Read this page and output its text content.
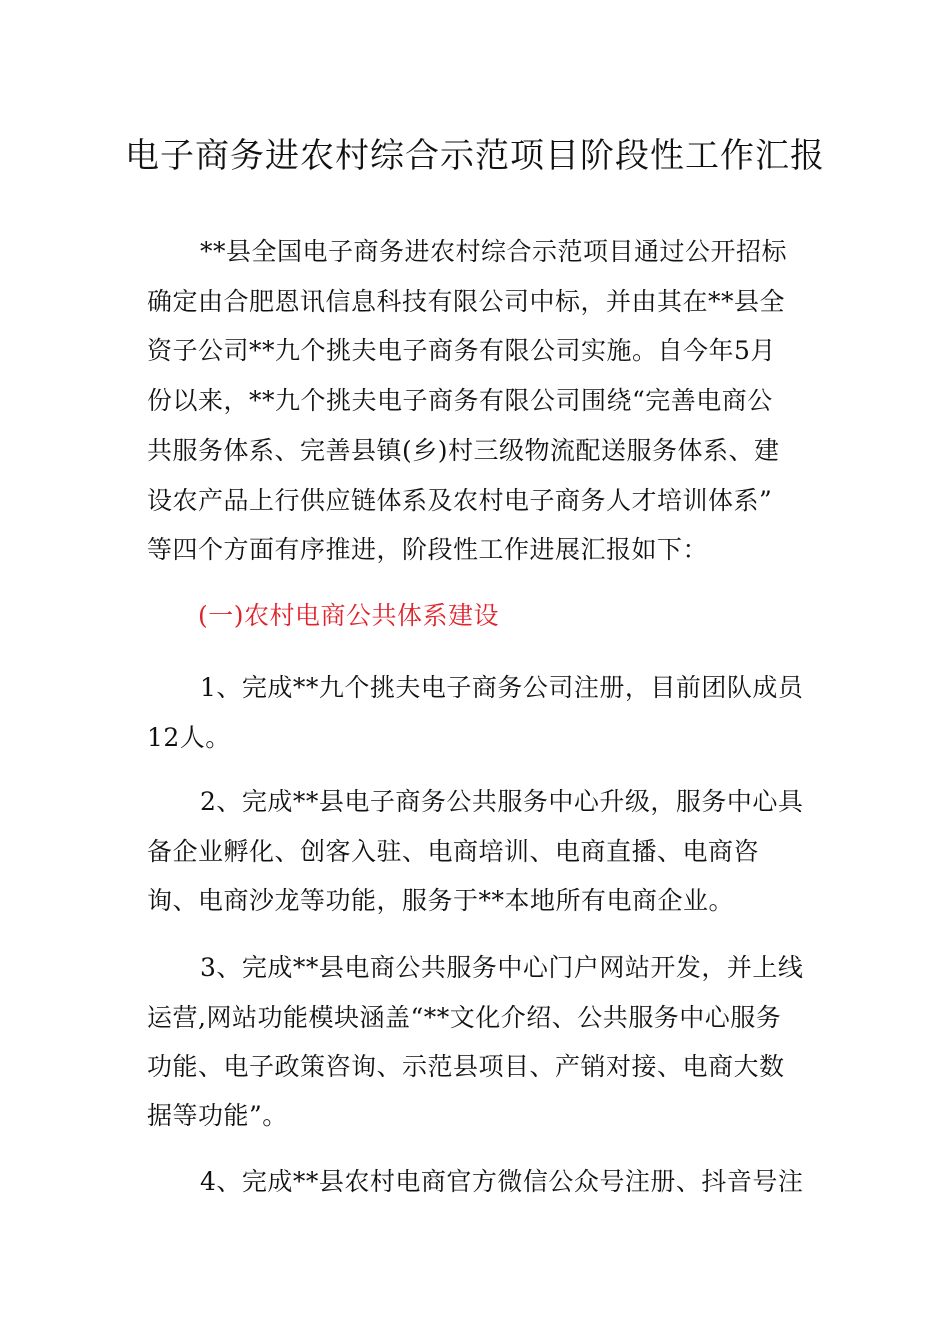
电子商务进农村综合示范项目阶段性工作汇报
**县全国电子商务进农村综合示范项目通过公开招标
确定由合肥恩讯信息科技有限公司中标，并由其在**县全
资子公司**九个挑夫电子商务有限公司实施。自今年5月
份以来，**九个挑夫电子商务有限公司围绕“完善电商公
共服务体系、完善县镇(乡)村三级物流配送服务体系、建
设农产品上行供应链体系及农村电子商务人才培训体系”
等四个方面有序推进，阶段性工作进展汇报如下：
(一)农村电商公共体系建设
1、完成**九个挑夫电子商务公司注册，目前团队成员
12人。
2、完成**县电子商务公共服务中心升级，服务中心具
备企业孵化、创客入驻、电商培训、电商直播、电商咨
询、电商沙龙等功能，服务于**本地所有电商企业。
3、完成**县电商公共服务中心门户网站开发，并上线
运营,网站功能模块涵盖“**文化介绍、公共服务中心服务
功能、电子政策咨询、示范县项目、产销对接、电商大数
据等功能”。
4、完成**县农村电商官方微信公众号注册、抖音号注
